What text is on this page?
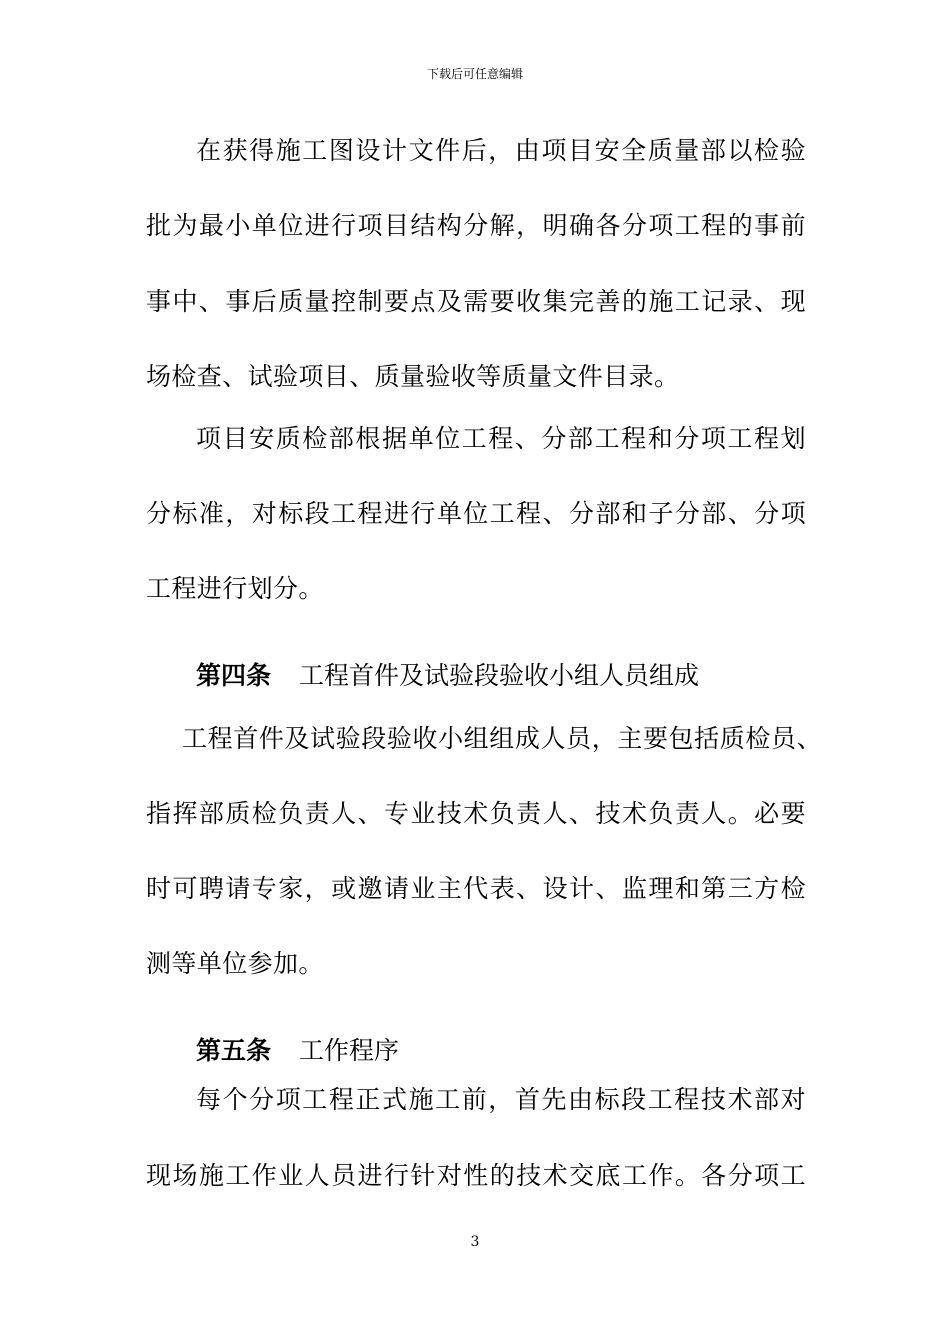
下载后可任意编辑
在获得施工图设计文件后，由项目安全质量部以检验
批为最小单位进行项目结构分解，明确各分项工程的事前
事中、事后质量控制要点及需要收集完善的施工记录、现
场检查、试验项目、质量验收等质量文件目录。
项目安质检部根据单位工程、分部工程和分项工程划
分标准，对标段工程进行单位工程、分部和子分部、分项
工程进行划分。
第四条 工程首件及试验段验收小组人员组成
工程首件及试验段验收小组组成人员，主要包括质检员、
指挥部质检负责人、专业技术负责人、技术负责人。必要
时可聘请专家，或邀请业主代表、设计、监理和第三方检
测等单位参加。
第五条 工作程序
每个分项工程正式施工前，首先由标段工程技术部对
现场施工作业人员进行针对性的技术交底工作。各分项工
3
